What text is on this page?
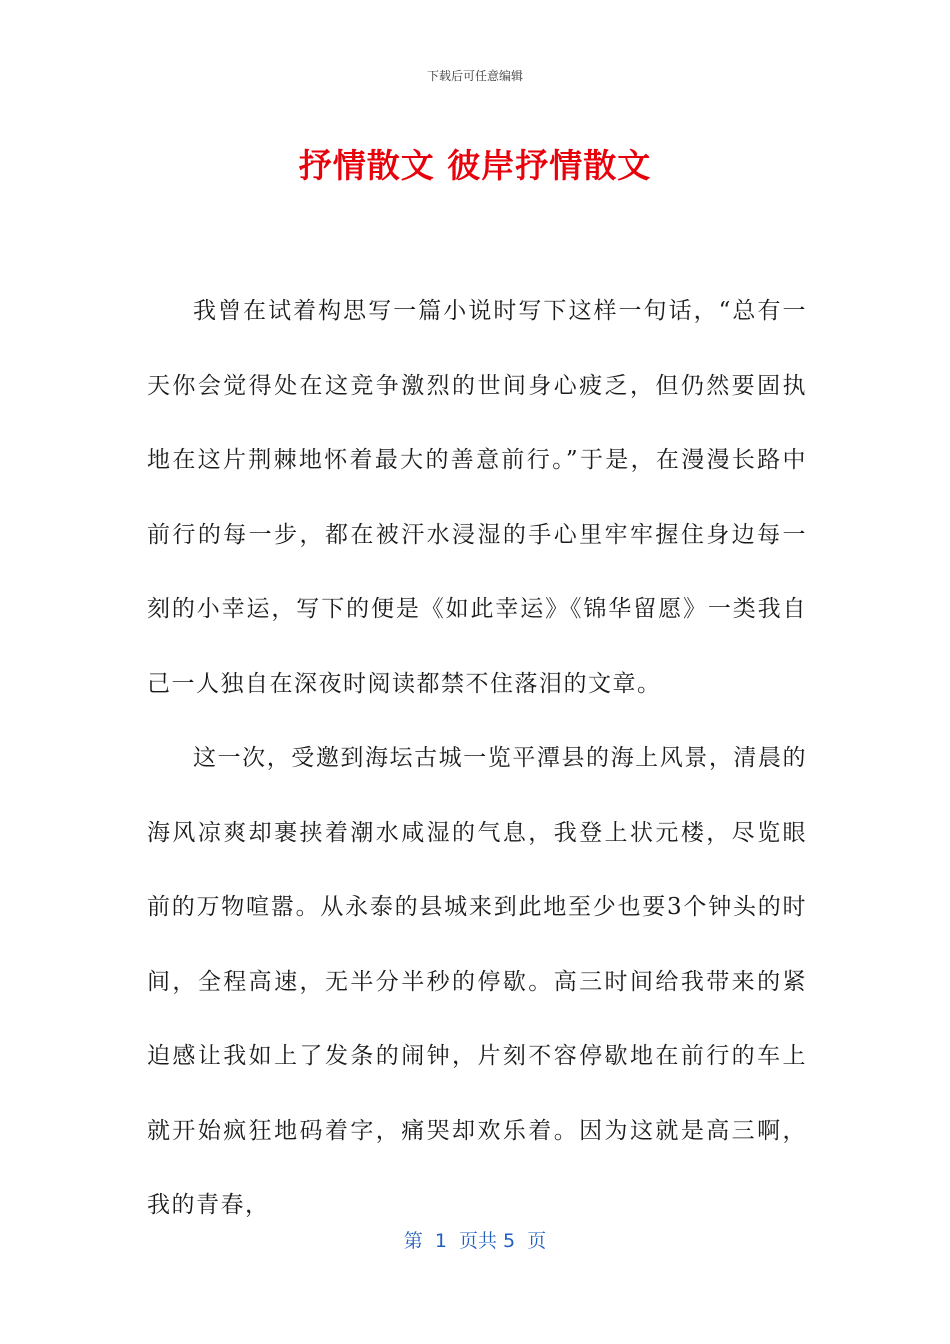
下载后可任意编辑
抒情散文 彼岸抒情散文

我曾在试着构思写一篇小说时写下这样一句话，“总有一天你会觉得处在这竞争激烈的世间身心疲乏，但仍然要固执地在这片荆棘地怀着最大的善意前行。”于是，在漫漫长路中前行的每一步，都在被汗水浸湿的手心里牢牢握住身边每一刻的小幸运，写下的便是《如此幸运》《锦华留愿》一类我自己一人独自在深夜时阅读都禁不住落泪的文章。

这一次，受邀到海坛古城一览平潭县的海上风景，清晨的海风凉爽却裹挟着潮水咸湿的气息，我登上状元楼，尽览眼前的万物喧嚣。从永泰的县城来到此地至少也要3个钟头的时间，全程高速，无半分半秒的停歇。高三时间给我带来的紧迫感让我如上了发条的闹钟，片刻不容停歇地在前行的车上就开始疯狂地码着字，痛哭却欢乐着。因为这就是高三啊，我的青春，

第  1  页共 5  页
